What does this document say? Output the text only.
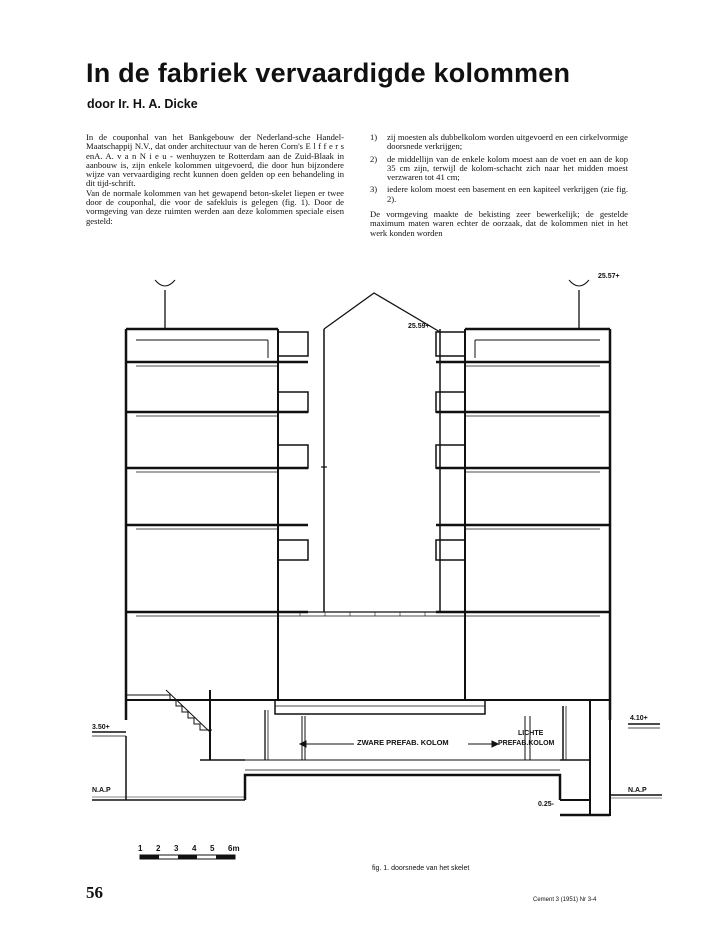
In de fabriek vervaardigde kolommen
door Ir. H. A. Dicke

In de couponhal van het Bankgebouw der Nederland-sche Handel-Maatschappij N.V., dat onder architectuur van de heren Corn's E l f f e r s enA. A. v a n N i e u - wenhuyzen te Rotterdam aan de Zuid-Blaak in aanbouw is, zijn enkele kolommen uitgevoerd, die door hun bijzondere wijze van vervaardiging recht kunnen doen gelden op een behandeling in dit tijd-schrift.

Van de normale kolommen van het gewapend beton-skelet liepen er twee door de couponhal, die voor de safekluis is gelegen (fig. 1). Door de vormgeving van deze ruimten werden aan deze kolommen speciale eisen gesteld:

1) zij moesten als dubbelkolom worden uitgevoerd en een cirkelvormige doorsnede verkrijgen;
2) de middellijn van de enkele kolom moest aan de voet en aan de kop 35 cm zijn, terwijl de kolom-schacht zich naar het midden moest verzwaren tot 41 cm;
3) iedere kolom moest een basement en een kapiteel verkrijgen (zie fig. 2).

De vormgeving maakte de bekisting zeer bewerkelijk; de gestelde maximum maten waren echter de oorzaak, dat de kolommen niet in het werk konden worden

25.57+
25.59+
3.50+
4.10+
N.A.P	N.A.P
0.25-
ZWARE PREFAB. KOLOM
LICHTE
PREFAB.KOLOM
1 2 3 4 5 6m
fig. 1. doorsnede van het skelet
56	Cement 3 (1951) Nr 3-4
